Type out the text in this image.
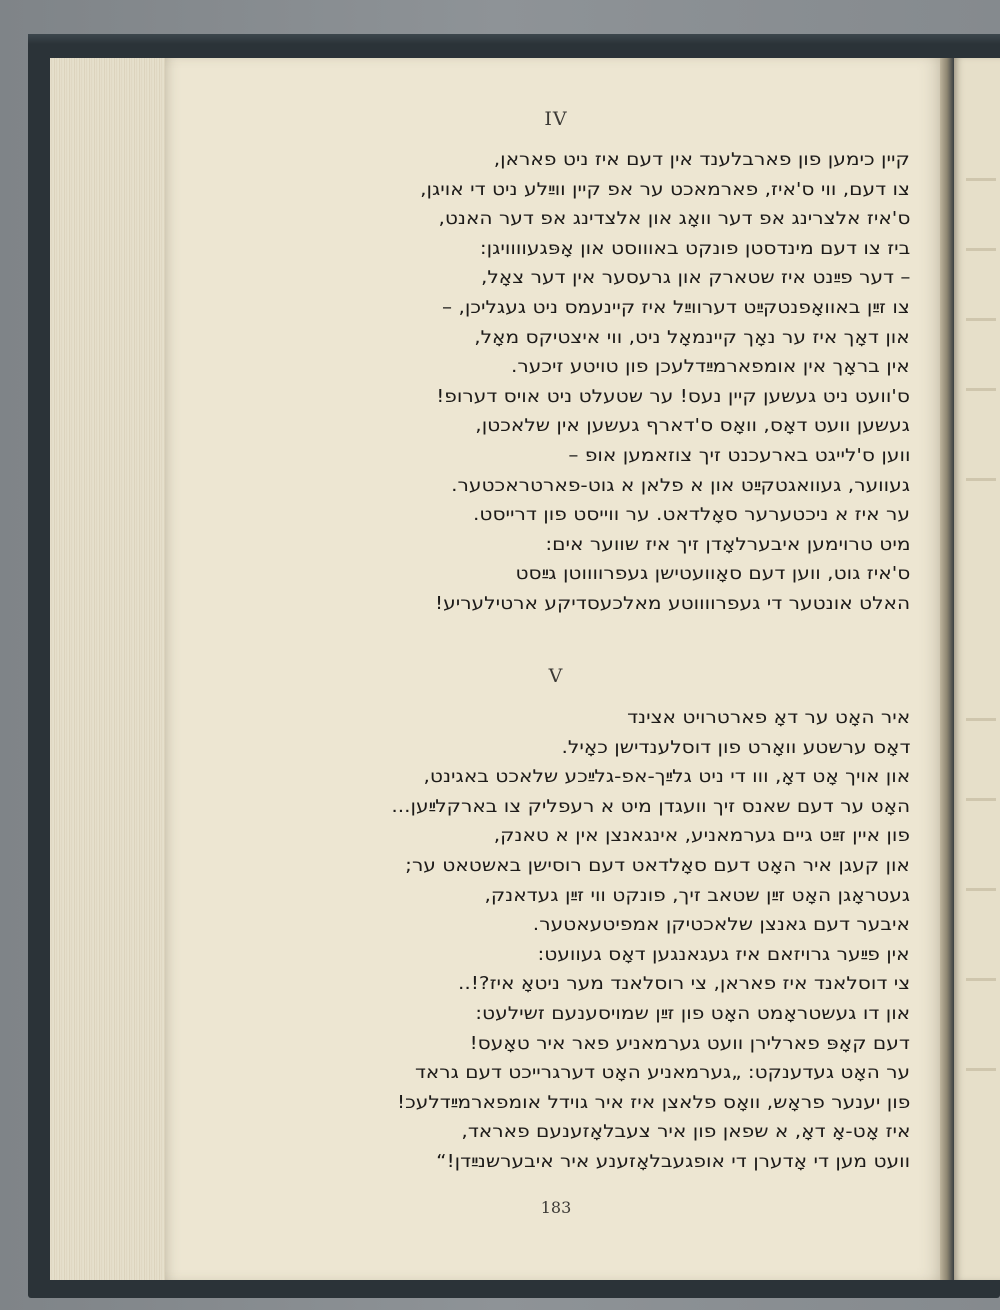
IV
קיין כימען פון פארבלענד אין דעם איז ניט פאראן,
צו דעם, ווי ס'איז, פארמאכט ער אפ קיין ווײַלע ניט די אויגן,
ס'איז אלצרינג אפ דער וואָג און אלצדינג אפ דער האנט,
ביז צו דעם מינדסטן פונקט באוווסט און אָפּגעוווויגן:
– דער פײַנט איז שטארק און גרעסער אין דער צאָל,
צו זײַן באוואָפנטקײַט דערווײַל איז קיינעמס ניט געגליכן, –
און דאָך איז ער נאָך קיינמאָל ניט, ווי איצטיקס מאָל,
אין בראָך אין אומפארמײַדלעכן פון טויטע זיכער.
ס'וועט ניט געשען קיין נעס! ער שטעלט ניט אויס דערופ!
געשען וועט דאָס, וואָס ס'דארף געשען אין שלאכטן,
ווען ס'לייגט בארעכנט זיך צוזאמען אופ –
געווער, געוואגטקײַט און א פלאן א גוט-פארטראכטער.
ער איז א ניכטערער סאָלדאט. ער ווייסט פון דרייסט.
מיט טרוימען איבערלאָדן זיך איז שווער אים:
ס'איז גוט, ווען דעם סאָוועטישן געפרווווטן גײַסט
האלט אונטער די געפרווווטע מאלכעסדיקע ארטילעריע!
V
איר האָט ער דאָ פארטרויט אצינד
דאָס ערשטע וואָרט פון דוסלענדישן כאָיל.
און אויך אָט דאָ, ווו די ניט גלײַך-אפ-גלײַכע שלאכט באגינט,
האָט ער דעם שאנס זיך וועגדן מיט א רעפליק צו בארקלײַען...
פון איין זײַט גיים גערמאניע, אינגאנצן אין א טאנק,
און קעגן איר האָט דעם סאָלדאט דעם רוסישן באשטאט ער;
געטראָגן האָט זײַן שטאב זיך, פונקט ווי זײַן געדאנק,
איבער דעם גאנצן שלאכטיקן אמפיטעאטער.
אין פײַער גרויזאם איז געגאנגען דאָס געוועט:
צי דוסלאנד איז פאראן, צי רוסלאנד מער ניטאָ איז?!..
און דו געשטראָמט האָט פון זײַן שמויסענעם זשילעט:
דעם קאָפּ פארלירן וועט גערמאניע פאר איר טאָעס!
ער האָט געדענקט: „גערמאניע האָט דערגרייכט דעם גראד
פון יענער פראָש, וואָס פלאצן איז איר גוידל אומפארמײַדלעכ!
איז אָט-אָ דאָ, א שפאן פון איר צעבלאָזענעם פאראד,
וועט מען די אָדערן די אופגעבלאָזענע איר איבערשנײַדן!“
183
